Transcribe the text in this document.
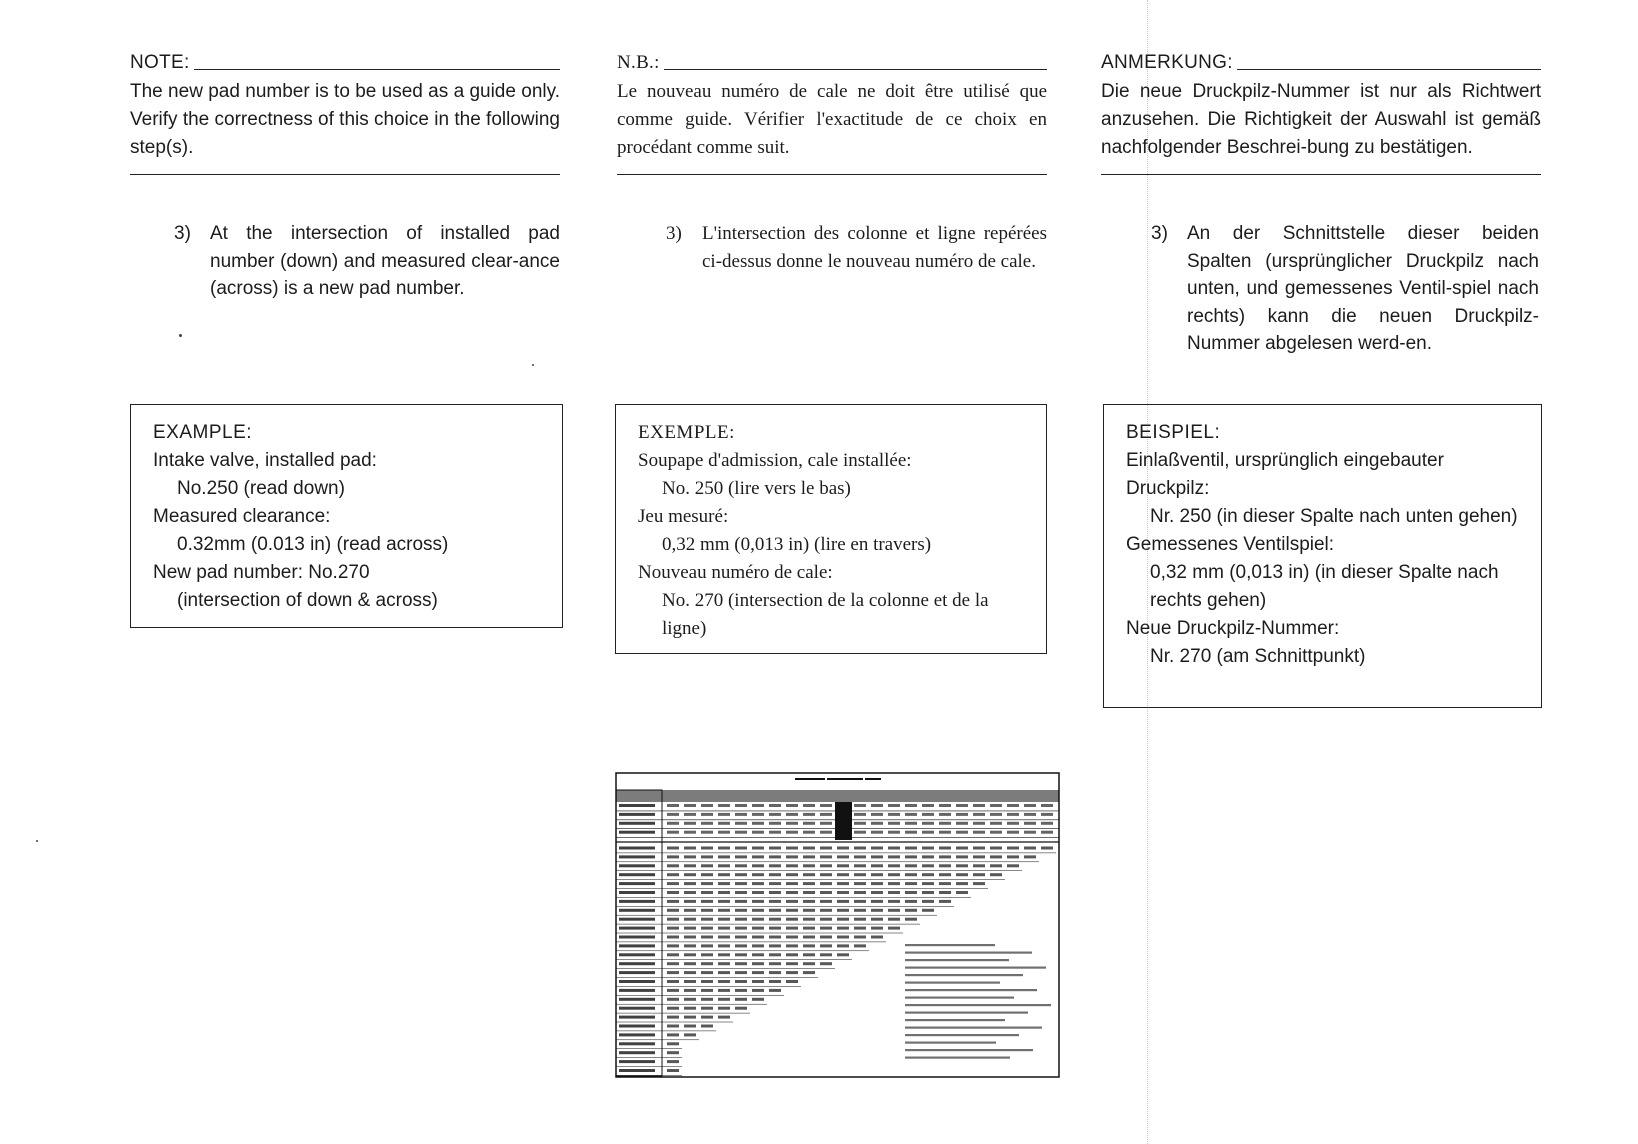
NOTE:
The new pad number is to be used as a guide only. Verify the correctness of this choice in the following step(s).
3) At the intersection of installed pad number (down) and measured clear-ance (across) is a new pad number.
EXAMPLE:
Intake valve, installed pad:
No.250 (read down)
Measured clearance:
0.32mm (0.013 in) (read across)
New pad number: No.270
(intersection of down & across)
N.B.:
Le nouveau numéro de cale ne doit être utilisé que comme guide. Vérifier l'exactitude de ce choix en procédant comme suit.
3) L'intersection des colonne et ligne repérées ci-dessus donne le nouveau numéro de cale.
EXEMPLE:
Soupape d'admission, cale installée:
No. 250 (lire vers le bas)
Jeu mesuré:
0,32 mm (0,013 in) (lire en travers)
Nouveau numéro de cale:
No. 270 (intersection de la colonne et de la ligne)
ANMERKUNG:
Die neue Druckpilz-Nummer ist nur als Richtwert anzusehen. Die Richtigkeit der Auswahl ist gemäß nachfolgender Beschrei-bung zu bestätigen.
3) An der Schnittstelle dieser beiden Spalten (ursprünglicher Druckpilz nach unten, und gemessenes Ventil-spiel nach rechts) kann die neuen Druckpilz-Nummer abgelesen werd-en.
BEISPIEL:
Einlaßventil, ursprünglich eingebauter Druckpilz:
Nr. 250 (in dieser Spalte nach unten gehen)
Gemessenes Ventilspiel:
0,32 mm (0,013 in) (in dieser Spalte nach rechts gehen)
Neue Druckpilz-Nummer:
Nr. 270 (am Schnittpunkt)
